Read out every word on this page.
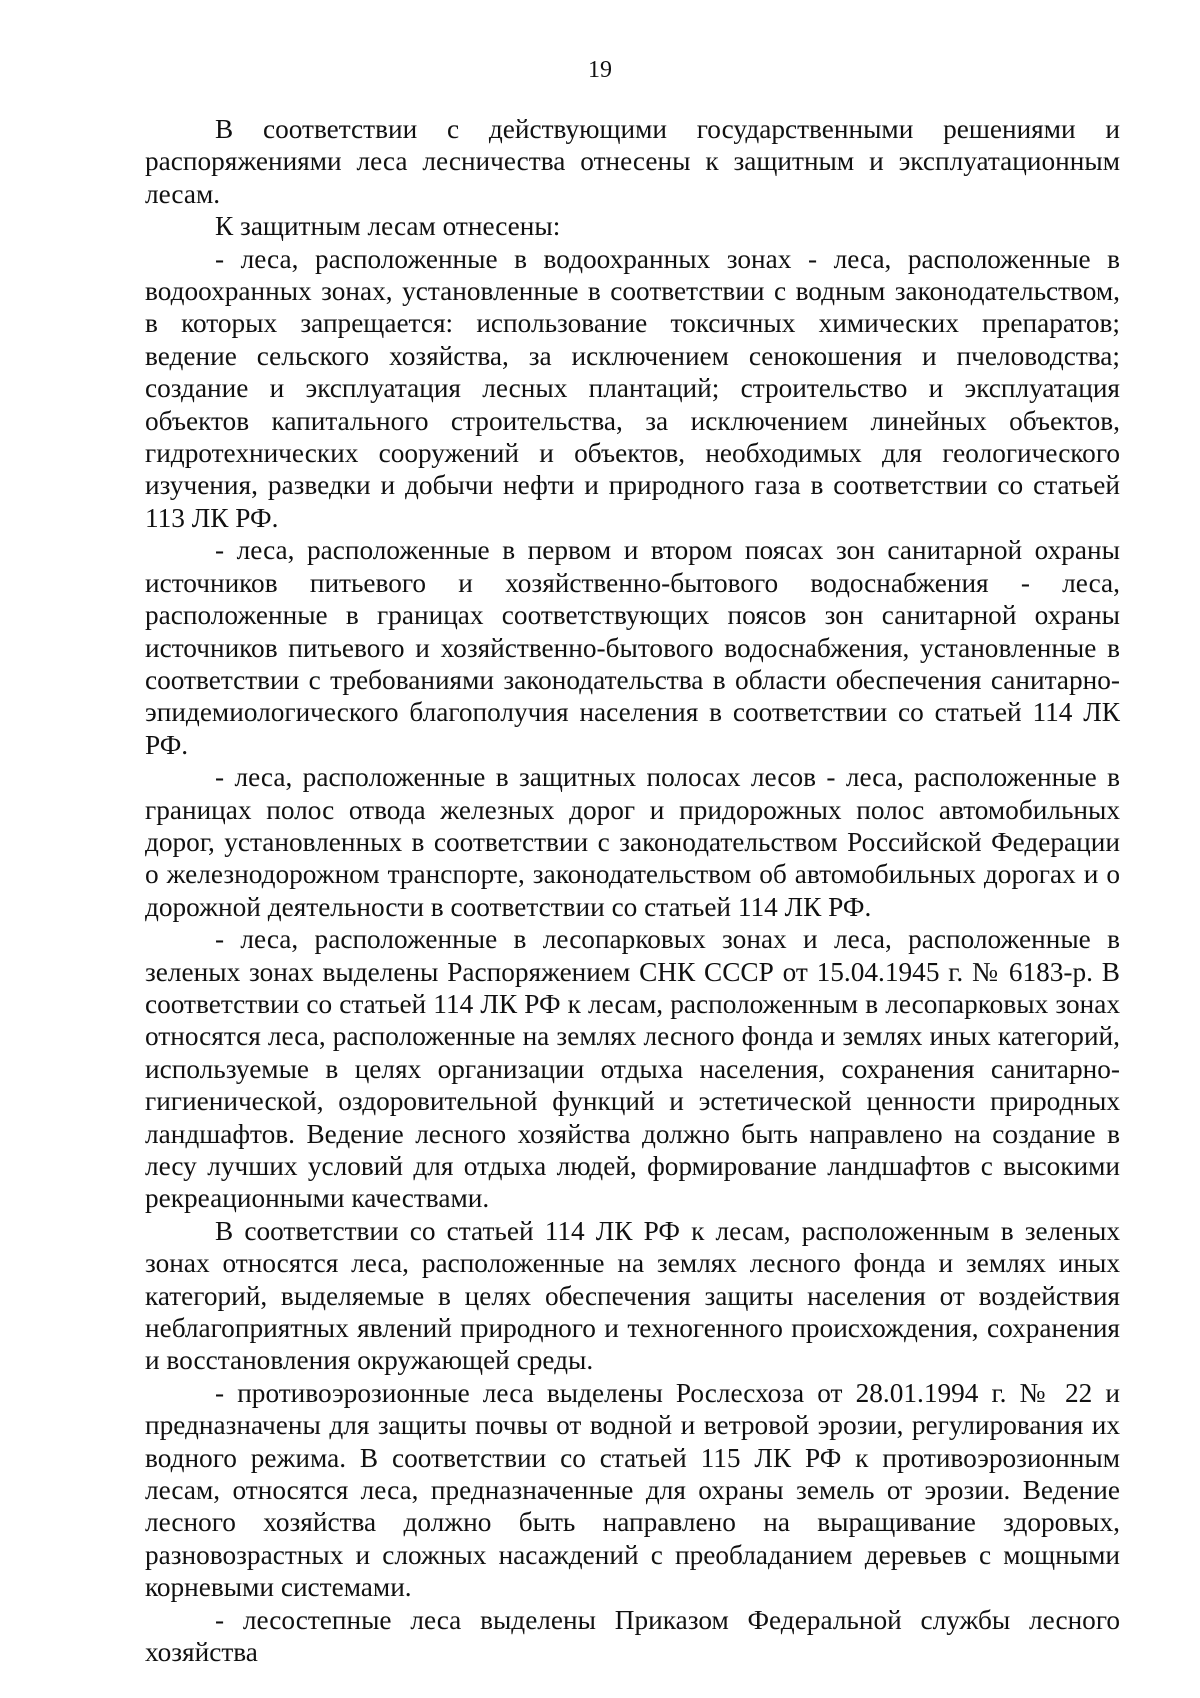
19

В соответствии с действующими государственными решениями и распоряжениями леса лесничества отнесены к защитным и эксплуатационным лесам.

К защитным лесам отнесены:

- леса, расположенные в водоохранных зонах - леса, расположенные в водоохранных зонах, установленные в соответствии с водным законодательством, в которых запрещается: использование токсичных химических препаратов; ведение сельского хозяйства, за исключением сенокошения и пчеловодства; создание и эксплуатация лесных плантаций; строительство и эксплуатация объектов капитального строительства, за исключением линейных объектов, гидротехнических сооружений и объектов, необходимых для геологического изучения, разведки и добычи нефти и природного газа в соответствии со статьей 113 ЛК РФ.

- леса, расположенные в первом и втором поясах зон санитарной охраны источников питьевого и хозяйственно-бытового водоснабжения - леса, расположенные в границах соответствующих поясов зон санитарной охраны источников питьевого и хозяйственно-бытового водоснабжения, установленные в соответствии с требованиями законодательства в области обеспечения санитарно-эпидемиологического благополучия населения в соответствии со статьей 114 ЛК РФ.

- леса, расположенные в защитных полосах лесов - леса, расположенные в границах полос отвода железных дорог и придорожных полос автомобильных дорог, установленных в соответствии с законодательством Российской Федерации о железнодорожном транспорте, законодательством об автомобильных дорогах и о дорожной деятельности в соответствии со статьей 114 ЛК РФ.

- леса, расположенные в лесопарковых зонах и леса, расположенные в зеленых зонах выделены Распоряжением СНК СССР от 15.04.1945 г. № 6183-р. В соответствии со статьей 114 ЛК РФ к лесам, расположенным в лесопарковых зонах относятся леса, расположенные на землях лесного фонда и землях иных категорий, используемые в целях организации отдыха населения, сохранения санитарно-гигиенической, оздоровительной функций и эстетической ценности природных ландшафтов. Ведение лесного хозяйства должно быть направлено на создание в лесу лучших условий для отдыха людей, формирование ландшафтов с высокими рекреационными качествами.

В соответствии со статьей 114 ЛК РФ к лесам, расположенным в зеленых зонах относятся леса, расположенные на землях лесного фонда и землях иных категорий, выделяемые в целях обеспечения защиты населения от воздействия неблагоприятных явлений природного и техногенного происхождения, сохранения и восстановления окружающей среды.

- противоэрозионные леса выделены Рослесхоза от 28.01.1994 г. № 22 и предназначены для защиты почвы от водной и ветровой эрозии, регулирования их водного режима. В соответствии со статьей 115 ЛК РФ к противоэрозионным лесам, относятся леса, предназначенные для охраны земель от эрозии. Ведение лесного хозяйства должно быть направлено на выращивание здоровых, разновозрастных и сложных насаждений с преобладанием деревьев с мощными корневыми системами.

- лесостепные леса выделены Приказом Федеральной службы лесного хозяйства
